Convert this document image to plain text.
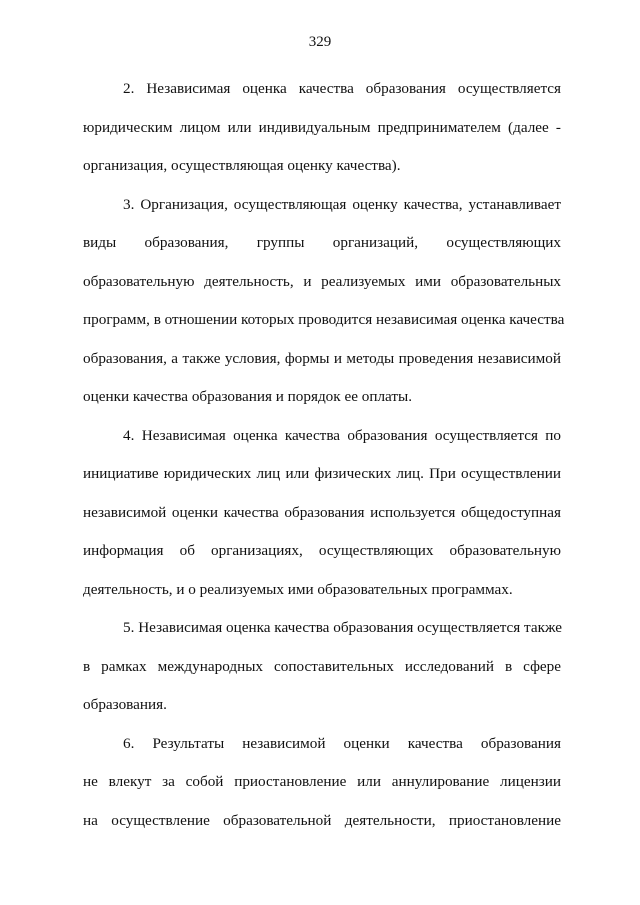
329
2. Независимая оценка качества образования осуществляется
юридическим лицом или индивидуальным предпринимателем (далее -
организация, осуществляющая оценку качества).
3. Организация, осуществляющая оценку качества, устанавливает
виды образования, группы организаций, осуществляющих
образовательную деятельность, и реализуемых ими образовательных
программ, в отношении которых проводится независимая оценка качества
образования, а также условия, формы и методы проведения независимой
оценки качества образования и порядок ее оплаты.
4. Независимая оценка качества образования осуществляется по
инициативе юридических лиц или физических лиц. При осуществлении
независимой оценки качества образования используется общедоступная
информация об организациях, осуществляющих образовательную
деятельность, и о реализуемых ими образовательных программах.
5. Независимая оценка качества образования осуществляется также
в рамках международных сопоставительных исследований в сфере
образования.
6. Результаты независимой оценки качества образования
не влекут за собой приостановление или аннулирование лицензии
на осуществление образовательной деятельности, приостановление
